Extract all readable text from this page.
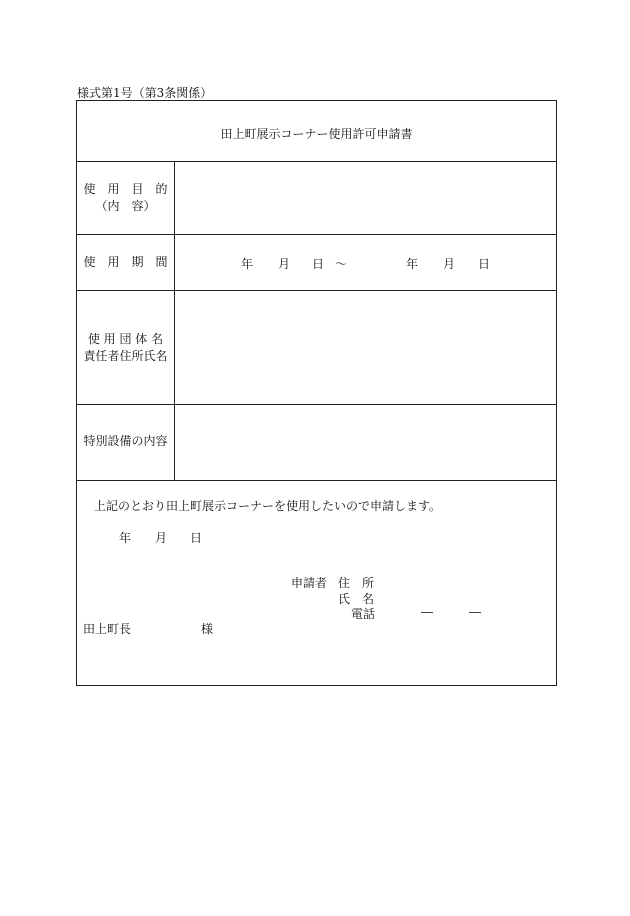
様式第1号（第3条関係）
田上町展示コーナー使用許可申請書
使　用　目　的
（内　容）
使　用　期　間	年 月 日 ～	年 月 日
使 用 団 体 名
責任者住所氏名
特別設備の内容
上記のとおり田上町展示コーナーを使用したいので申請します。
年 月 日
申請者 住　所
氏　名
電話	―	―
田上町長	様
